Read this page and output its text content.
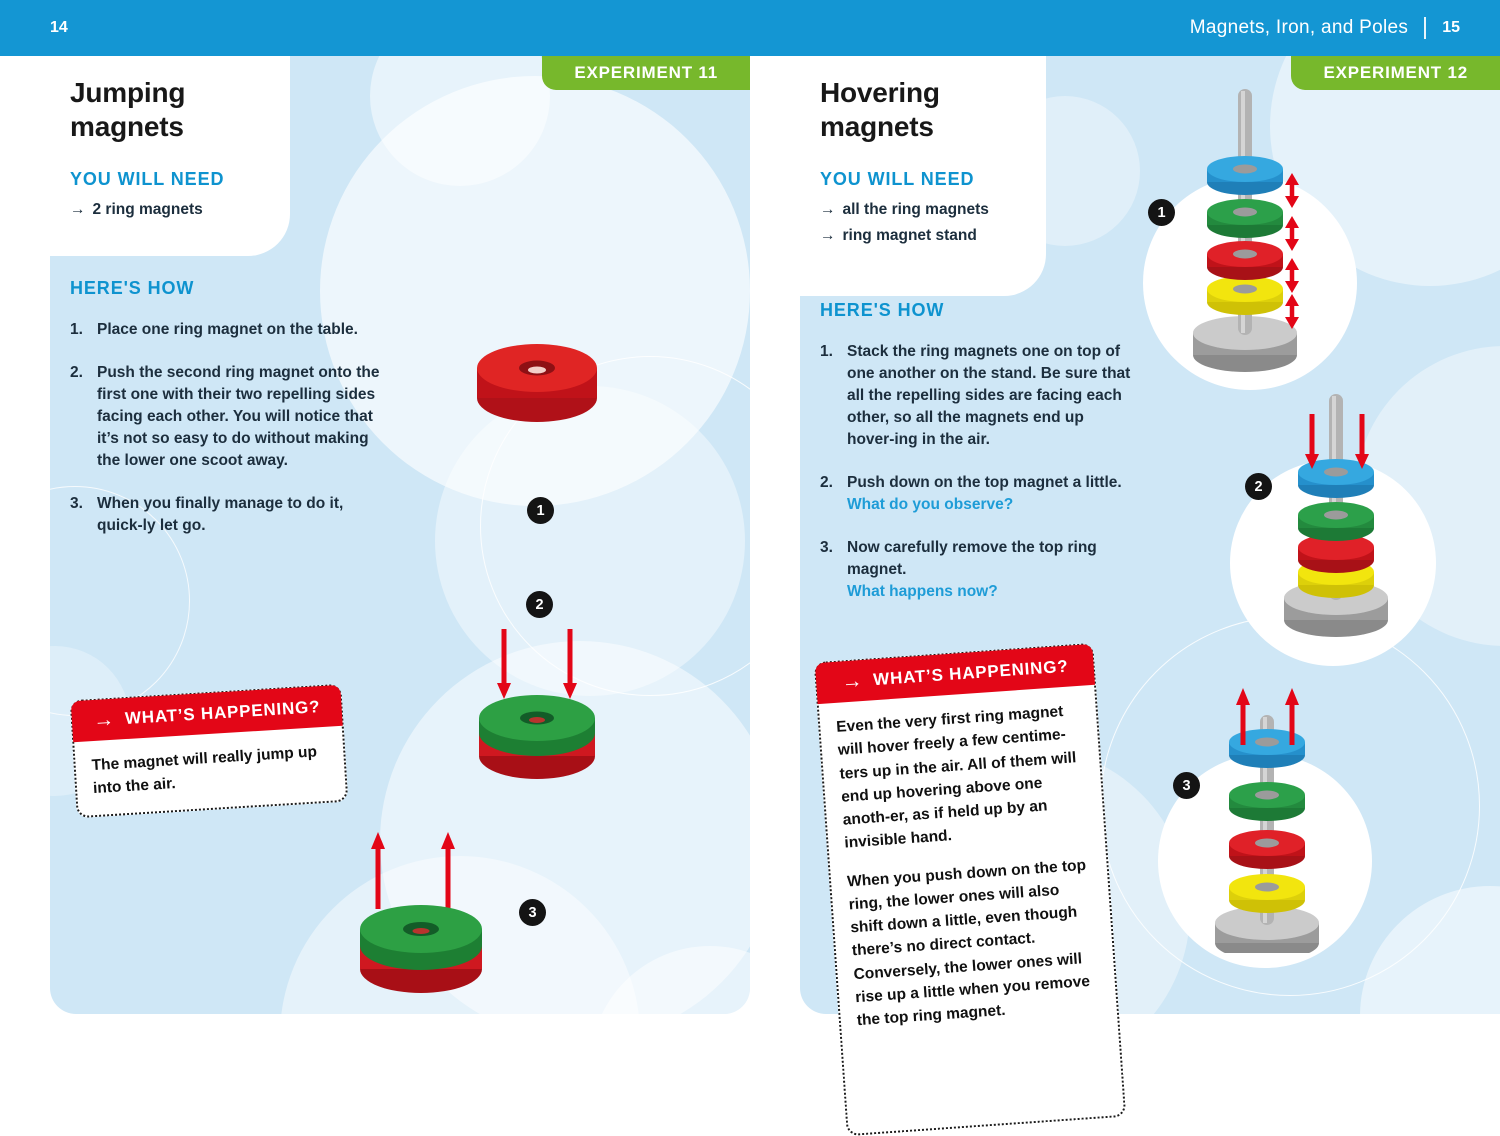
14	Magnets, Iron, and Poles 15
Jumping
magnets
YOU WILL NEED
→ 2 ring magnets
EXPERIMENT 11
HERE'S HOW
1. Place one ring magnet on the table.
2. Push the second ring magnet onto the first one with their two repelling sides facing each other. You will notice that it’s not so easy to do without making the lower one scoot away.
3. When you finally manage to do it, quick-ly let go.
1
2
3
Hovering
magnets
YOU WILL NEED
→ all the ring magnets
→ ring magnet stand
EXPERIMENT 12
HERE'S HOW
1. Stack the ring magnets one on top of one another on the stand. Be sure that all the repelling sides are facing each other, so all the magnets end up hover-ing in the air.
2. Push down on the top magnet a little.
What do you observe?
3. Now carefully remove the top ring magnet.
What happens now?
1
2
3
→ WHAT’S HAPPENING?

The magnet will really jump up into the air.

→ WHAT’S HAPPENING?

Even the very first ring magnet will hover freely a few centime-ters up in the air. All of them will end up hovering above one anoth-er, as if held up by an invisible hand.

When you push down on the top ring, the lower ones will also shift down a little, even though there’s no direct contact. Conversely, the lower ones will rise up a little when you remove the top ring magnet.
